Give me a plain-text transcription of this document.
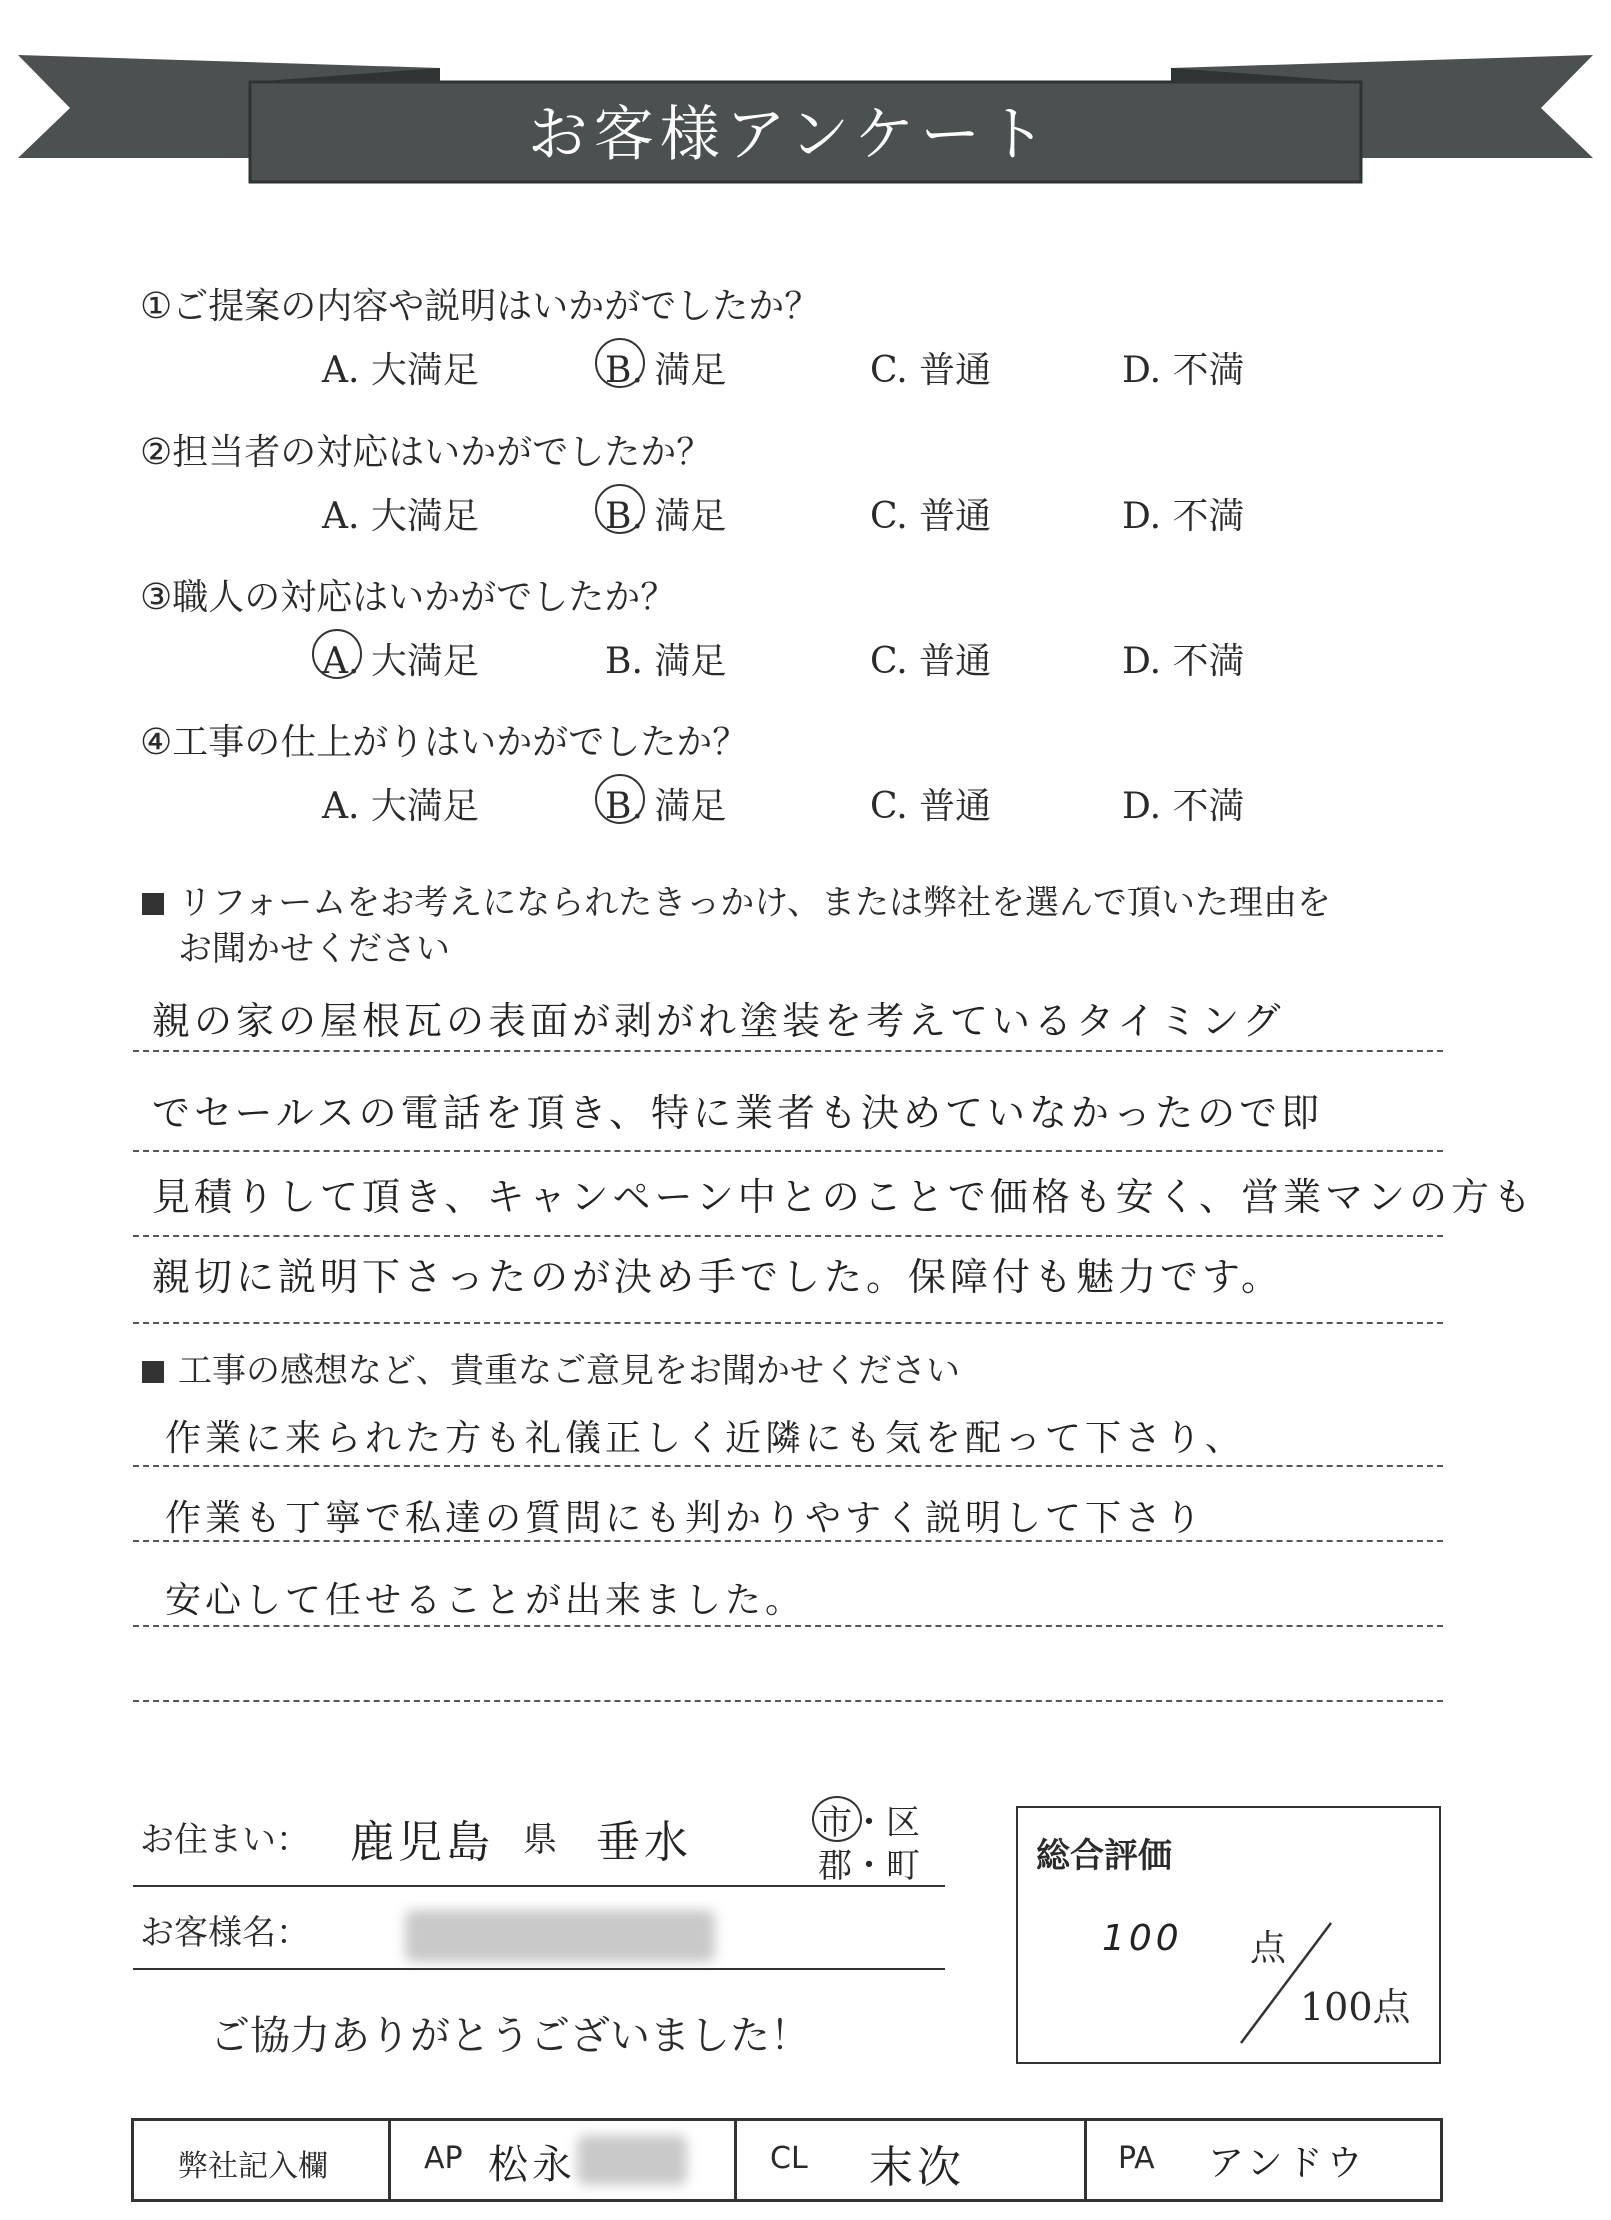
お客様アンケート
①ご提案の内容や説明はいかがでしたか？
A. 大満足	B. 満足	C. 普通	D. 不満
②担当者の対応はいかがでしたか？
A. 大満足	B. 満足	C. 普通	D. 不満
③職人の対応はいかがでしたか？
A. 大満足	B. 満足	C. 普通	D. 不満
④工事の仕上がりはいかがでしたか？
A. 大満足	B. 満足	C. 普通	D. 不満
リフォームをお考えになられたきっかけ、または弊社を選んで頂いた理由を
お聞かせください
親の家の屋根瓦の表面が剥がれ塗装を考えているタイミング
でセールスの電話を頂き、特に業者も決めていなかったので即
見積りして頂き、キャンペーン中とのことで価格も安く、営業マンの方も
親切に説明下さったのが決め手でした。保障付も魅力です。
工事の感想など、貴重なご意見をお聞かせください
作業に来られた方も礼儀正しく近隣にも気を配って下さり、
作業も丁寧で私達の質問にも判かりやすく説明して下さり
安心して任せることが出来ました。
お住まい： 鹿児島 県 垂水	市・区
郡・町
お客様名：
ご協力ありがとうございました！
総合評価
100 点
100点
弊社記入欄	AP 松永	CL 末次	PA アンドウ
